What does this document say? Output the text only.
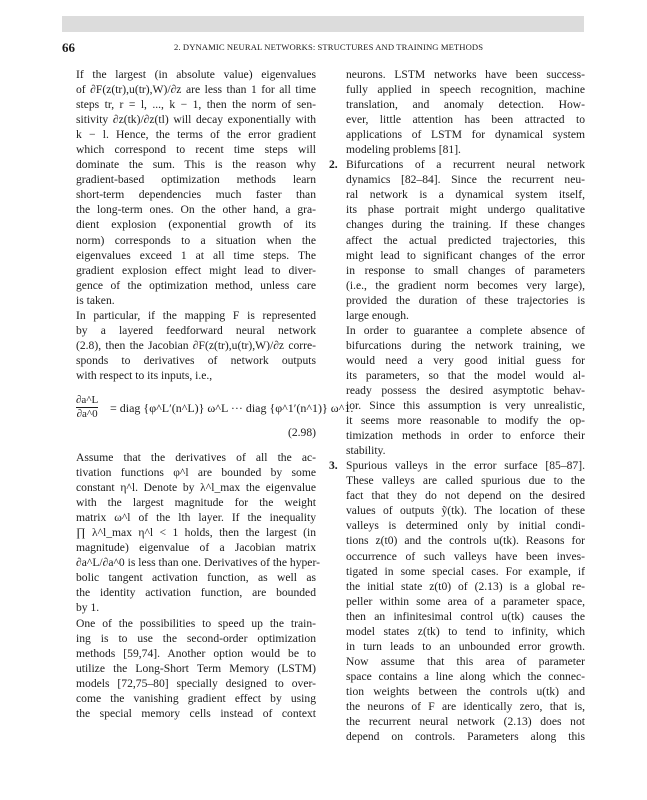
66	2. DYNAMIC NEURAL NETWORKS: STRUCTURES AND TRAINING METHODS

If the largest (in absolute value) eigenvalues
of ∂F(z(tr),u(tr),W)/∂z are less than 1 for all time
steps tr, r = l, ..., k − 1, then the norm of sen-
sitivity ∂z(tk)/∂z(tl) will decay exponentially with
k − l. Hence, the terms of the error gradient
which correspond to recent time steps will
dominate the sum. This is the reason why
gradient-based optimization methods learn
short-term dependencies much faster than
the long-term ones. On the other hand, a gra-
dient explosion (exponential growth of its
norm) corresponds to a situation when the
eigenvalues exceed 1 at all time steps. The
gradient explosion effect might lead to diver-
gence of the optimization method, unless care
is taken.

In particular, if the mapping F is represented
by a layered feedforward neural network
(2.8), then the Jacobian ∂F(z(tr),u(tr),W)/∂z corre-
sponds to derivatives of network outputs
with respect to its inputs, i.e.,

$\frac{\partial a\^{}L}{\partial a\^{}0}$ = diag {φ^L′(n^L)} ω^L ··· diag {φ^1′(n^1)} ω^1.
(2.98)

Assume that the derivatives of all the ac-
tivation functions φ^l are bounded by some
constant η^l. Denote by λ^l_max the eigenvalue
with the largest magnitude for the weight
matrix ω^l of the lth layer. If the inequality
∏ λ^l_max η^l < 1 holds, then the largest (in
magnitude) eigenvalue of a Jacobian matrix
∂a^L/∂a^0 is less than one. Derivatives of the hyper-
bolic tangent activation function, as well as
the identity activation function, are bounded
by 1.

One of the possibilities to speed up the train-
ing is to use the second-order optimization
methods [59,74]. Another option would be to
utilize the Long-Short Term Memory (LSTM)
models [72,75–80] specially designed to over-
come the vanishing gradient effect by using
the special memory cells instead of context

neurons. LSTM networks have been success-
fully applied in speech recognition, machine
translation, and anomaly detection. How-
ever, little attention has been attracted to
applications of LSTM for dynamical system
modeling problems [81].

2. Bifurcations of a recurrent neural network
dynamics [82–84]. Since the recurrent neu-
ral network is a dynamical system itself,
its phase portrait might undergo qualitative
changes during the training. If these changes
affect the actual predicted trajectories, this
might lead to significant changes of the error
in response to small changes of parameters
(i.e., the gradient norm becomes very large),
provided the duration of these trajectories is
large enough.
In order to guarantee a complete absence of
bifurcations during the network training, we
would need a very good initial guess for
its parameters, so that the model would al-
ready possess the desired asymptotic behav-
ior. Since this assumption is very unrealistic,
it seems more reasonable to modify the op-
timization methods in order to enforce their
stability.
3. Spurious valleys in the error surface [85–87].
These valleys are called spurious due to the
fact that they do not depend on the desired
values of outputs ỹ(tk). The location of these
valleys is determined only by initial condi-
tions z(t0) and the controls u(tk). Reasons for
occurrence of such valleys have been inves-
tigated in some special cases. For example, if
the initial state z(t0) of (2.13) is a global re-
peller within some area of a parameter space,
then an infinitesimal control u(tk) causes the
model states z(tk) to tend to infinity, which
in turn leads to an unbounded error growth.
Now assume that this area of parameter
space contains a line along which the connec-
tion weights between the controls u(tk) and
the neurons of F are identically zero, that is,
the recurrent neural network (2.13) does not
depend on controls. Parameters along this
